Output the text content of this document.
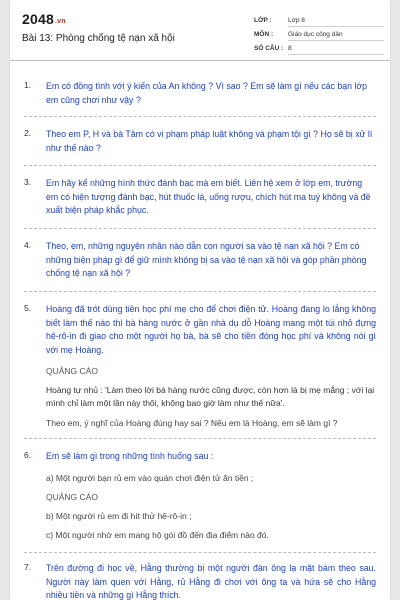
2048.vn
Bài 13: Phòng chống tệ nạn xã hội
LỚP :	Lớp 8
MÔN : Giáo dục công dân
SỐ CÂU : 8
1. Em có đồng tình với ý kiến của An không ? Vì sao ? Em sẽ làm gì nếu các bạn lớp em cũng chơi như vậy ?
2. Theo em P, H và bà Tâm có vi phạm pháp luật không và phạm tội gì ? Họ sẽ bị xử lí như thế nào ?
3. Em hãy kể những hình thức đánh bạc mà em biết. Liên hệ xem ở lớp em, trường em có hiện tượng đánh bạc, hút thuốc lá, uống rượu, chích hút ma tuý không và đề xuất biện pháp khắc phục.
4. Theo, em, những nguyên nhân nào dẫn con người sa vào tệ nạn xã hội ? Em có những biện pháp gì để giữ mình không bị sa vào tệ nạn xã hội và góp phần phòng chống tệ nạn xã hội ?
5. Hoàng đã trót dùng tiền học phí mẹ cho để chơi điện tử. Hoàng đang lo lắng không biết làm thế nào thì bà hàng nước ở gần nhà dụ dỗ Hoàng mang một túi nhỏ đựng hê-rô-in đi giao cho một người họ bà, bà sẽ cho tiền đóng học phí và không nói gì với mẹ Hoàng.
QUẢNG CÁO
Hoàng tự nhủ : 'Làm theo lời bà hàng nước cũng được, còn hơn là bị mẹ mắng ; với lại mình chỉ làm một lần này thôi, không bao giờ làm như thế nữa'.
Theo em, ý nghĩ của Hoàng đúng hay sai ? Nếu em là Hoàng, em sẽ làm gì ?
6. Em sẽ làm gì trong những tình huống sau :
a) Một người bạn rủ em vào quán chơi điện tử ăn tiền ;
QUẢNG CÁO
b) Một người rủ em đi hít thử hê-rô-in ;
c) Một người nhờ em mang hộ gói đồ đến địa điểm nào đó.
7. Trên đường đi học về, Hằng thường bị một người đàn ông lạ mặt bám theo sau. Người này làm quen với Hằng, rủ Hằng đi chơi với ông ta và hứa sẽ cho Hằng nhiều tiền và những gì Hằng thích.
